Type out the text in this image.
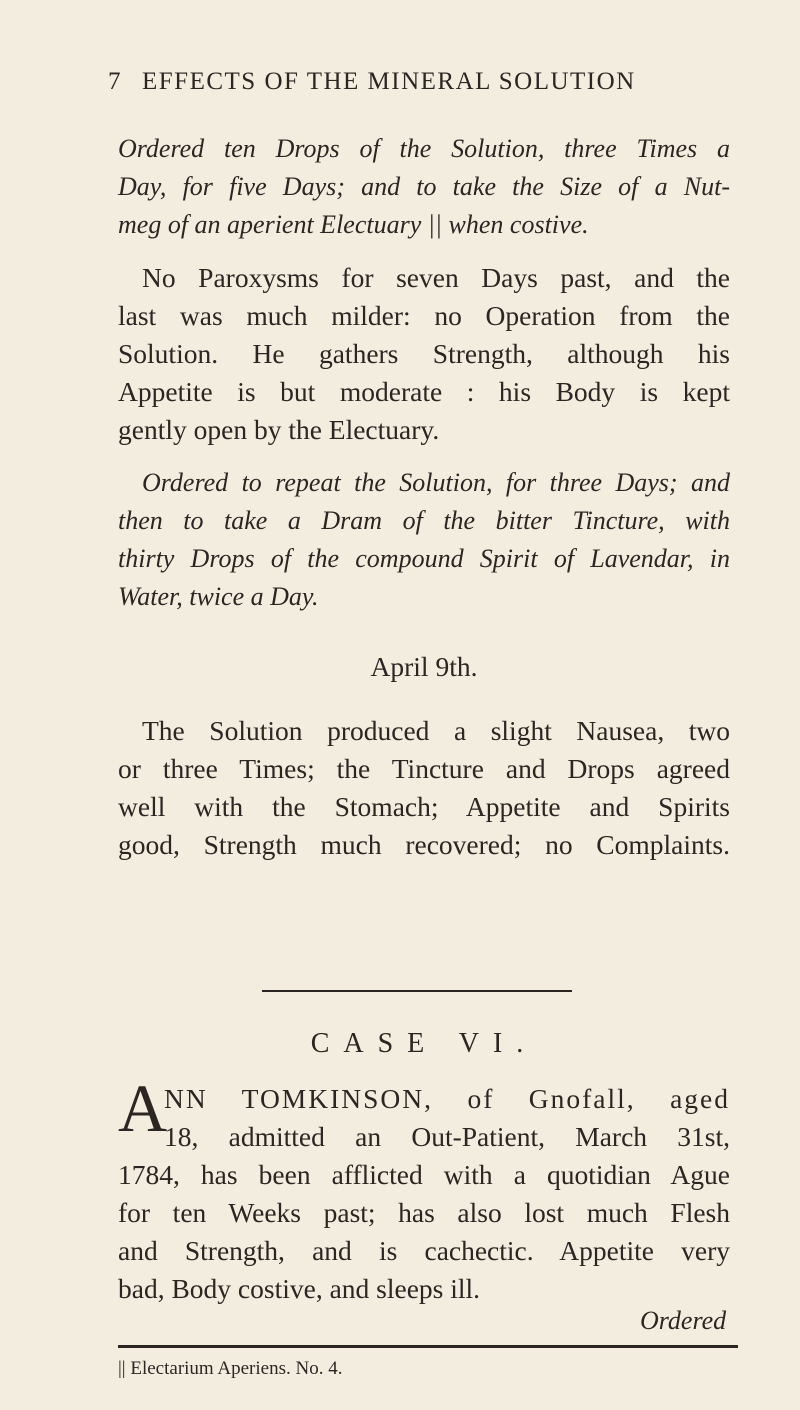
7 EFFECTS OF THE MINERAL SOLUTION
Ordered ten Drops of the Solution, three Times a
Day, for five Days; and to take the Size of a Nut-
meg of an aperient Electuary || when costive.
No Paroxysms for seven Days past, and the
last was much milder: no Operation from the
Solution. He gathers Strength, although his
Appetite is but moderate : his Body is kept
gently open by the Electuary.
Ordered to repeat the Solution, for three Days; and
then to take a Dram of the bitter Tincture, with
thirty Drops of the compound Spirit of Lavendar, in
Water, twice a Day.
April 9th.
The Solution produced a slight Nausea, two
or three Times; the Tincture and Drops agreed
well with the Stomach; Appetite and Spirits
good, Strength much recovered; no Complaints.
CASE VI.
A
NN TOMKINSON, of Gnofall, aged
18, admitted an Out-Patient, March 31st,
1784, has been afflicted with a quotidian Ague
for ten Weeks past; has also lost much Flesh
and Strength, and is cachectic. Appetite very
bad, Body costive, and sleeps ill.
Ordered
|| Electarium Aperiens. No. 4.
